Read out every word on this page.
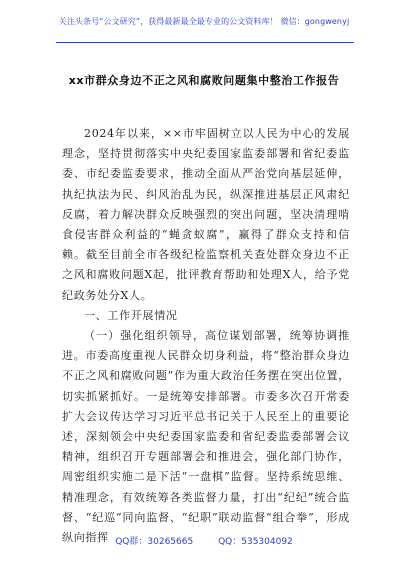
关注头条号“公文研究”，获得最新最全最专业的公文资料库！ 微信：gongwenyj
xx市群众身边不正之风和腐败问题集中整治工作报告

2024年以来，××市牢固树立以人民为中心的发展理念，坚持贯彻落实中央纪委国家监委部署和省纪委监委、市纪委监委要求，推动全面从严治党向基层延伸，执纪执法为民、纠风治乱为民，纵深推进基层正风肃纪反腐，着力解决群众反映强烈的突出问题，坚决清理啃食侵害群众利益的“蝇贪蚁腐”，赢得了群众支持和信赖。截至目前全市各级纪检监察机关查处群众身边不正之风和腐败问题X起，批评教育帮助和处理X人，给予党纪政务处分X人。

一、工作开展情况

（一）强化组织领导，高位谋划部署，统筹协调推进。市委高度重视人民群众切身利益，将“整治群众身边不正之风和腐败问题”作为重大政治任务摆在突出位置，切实抓紧抓好。一是统筹安排部署。市委多次召开常委扩大会议传达学习习近平总书记关于人民至上的重要论述，深刻领会中央纪委国家监委和省纪委监委部署会议精神，组织召开专题部署会和推进会，强化部门协作，周密组织实施二是下活“一盘棋”监督。坚持系统思维、精准理念，有效统筹各类监督力量，打出“纪纪”统合监督、“纪巡”同向监督、“纪职”联动监督“组合拳”，形成纵向指挥 QQ群：30265665	QQ：535304092
